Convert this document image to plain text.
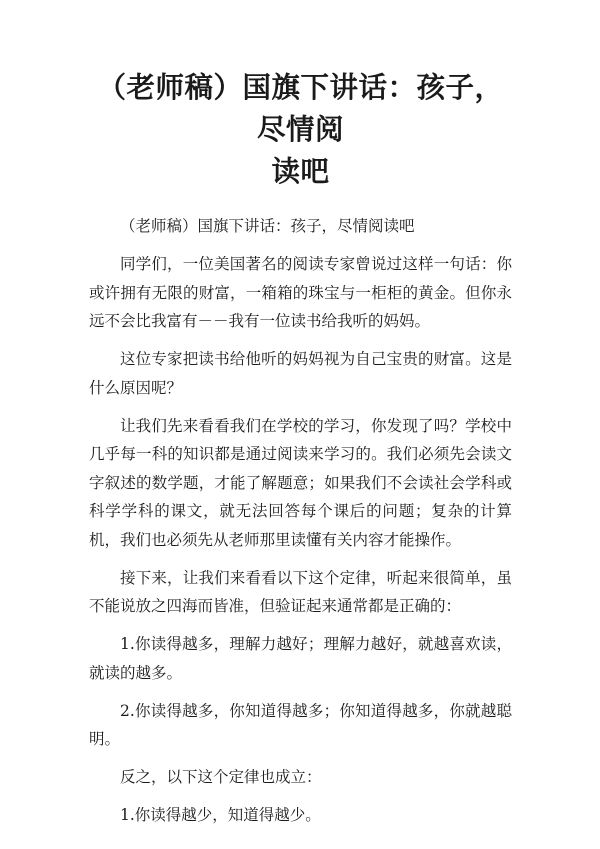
（老师稿）国旗下讲话：孩子，尽情阅
读吧

（老师稿）国旗下讲话：孩子，尽情阅读吧

同学们，一位美国著名的阅读专家曾说过这样一句话：你或许拥有无限的财富，一箱箱的珠宝与一柜柜的黄金。但你永远不会比我富有－－我有一位读书给我听的妈妈。

这位专家把读书给他听的妈妈视为自己宝贵的财富。这是什么原因呢？

让我们先来看看我们在学校的学习，你发现了吗？学校中几乎每一科的知识都是通过阅读来学习的。我们必须先会读文字叙述的数学题，才能了解题意；如果我们不会读社会学科或科学学科的课文，就无法回答每个课后的问题；复杂的计算机，我们也必须先从老师那里读懂有关内容才能操作。

接下来，让我们来看看以下这个定律，听起来很简单，虽不能说放之四海而皆准，但验证起来通常都是正确的：

1.你读得越多，理解力越好；理解力越好，就越喜欢读，就读的越多。

2.你读得越多，你知道得越多；你知道得越多，你就越聪明。

反之，以下这个定律也成立：

1.你读得越少，知道得越少。
